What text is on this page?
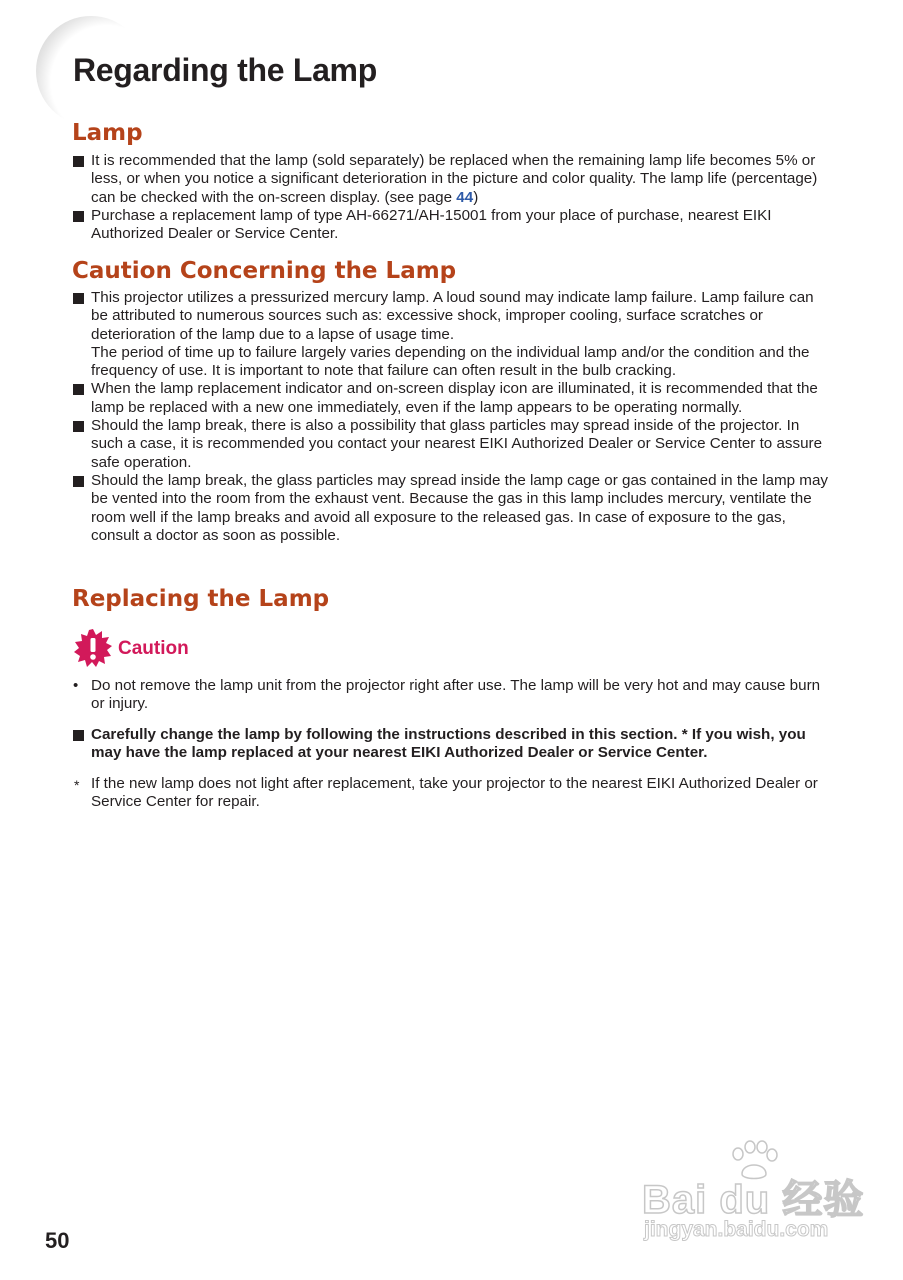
Regarding the Lamp
Lamp
It is recommended that the lamp (sold separately) be replaced when the remaining lamp life becomes 5% or less, or when you notice a significant deterioration in the picture and color quality. The lamp life (percentage) can be checked with the on-screen display. (see page 44)
Purchase a replacement lamp of type AH-66271/AH-15001 from your place of purchase, nearest EIKI Authorized Dealer or Service Center.
Caution Concerning the Lamp
This projector utilizes a pressurized mercury lamp. A loud sound may indicate lamp failure. Lamp failure can be attributed to numerous sources such as: excessive shock, improper cooling, surface scratches or deterioration of the lamp due to a lapse of usage time.
The period of time up to failure largely varies depending on the individual lamp and/or the condition and the frequency of use. It is important to note that failure can often result in the bulb cracking.
When the lamp replacement indicator and on-screen display icon are illuminated, it is recommended that the lamp be replaced with a new one immediately, even if the lamp appears to be operating normally.
Should the lamp break, there is also a possibility that glass particles may spread inside of the projector. In such a case, it is recommended you contact your nearest EIKI Authorized Dealer or Service Center to assure safe operation.
Should the lamp break, the glass particles may spread inside the lamp cage or gas contained in the lamp may be vented into the room from the exhaust vent. Because the gas in this lamp includes mercury, ventilate the room well if the lamp breaks and avoid all exposure to the released gas. In case of exposure to the gas, consult a doctor as soon as possible.
Replacing the Lamp
Caution
• Do not remove the lamp unit from the projector right after use. The lamp will be very hot and may cause burn or injury.
Carefully change the lamp by following the instructions described in this section. * If you wish, you may have the lamp replaced at your nearest EIKI Authorized Dealer or Service Center.
* If the new lamp does not light after replacement, take your projector to the nearest EIKI Authorized Dealer or Service Center for repair.
Bai du 经验
jingyan.baidu.com
50
